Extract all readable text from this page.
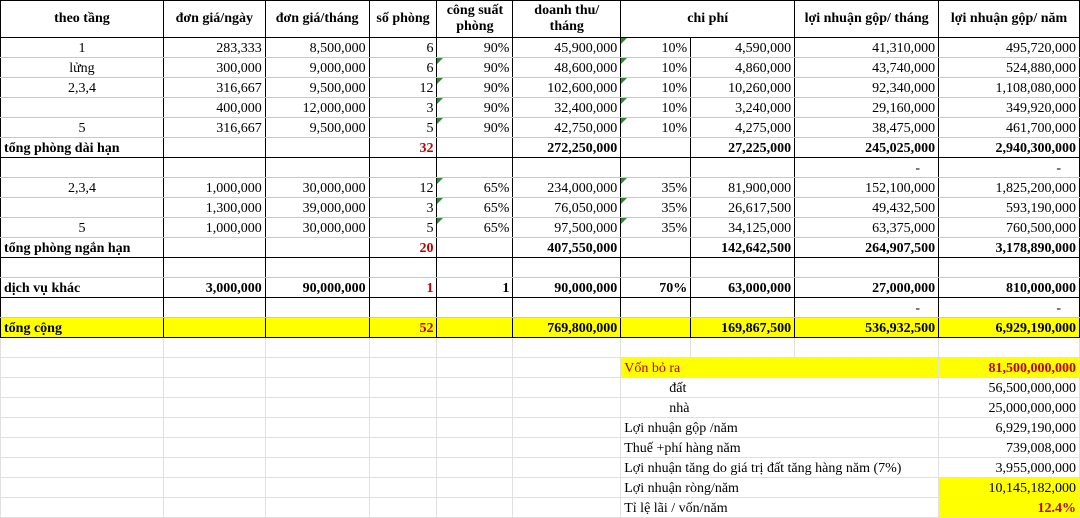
theo tầng	đơn giá/ngày	đơn giá/tháng	số phòng	công suất phòng	doanh thu/ tháng	chi phí		lợi nhuận gộp/ tháng	lợi nhuận gộp/ năm
1	283,333	8,500,000	6	90%	45,900,000	10%	4,590,000	41,310,000	495,720,000
lửng	300,000	9,000,000	6	90%	48,600,000	10%	4,860,000	43,740,000	524,880,000
2,3,4	316,667	9,500,000	12	90%	102,600,000	10%	10,260,000	92,340,000	1,108,080,000
	400,000	12,000,000	3	90%	32,400,000	10%	3,240,000	29,160,000	349,920,000
5	316,667	9,500,000	5	90%	42,750,000	10%	4,275,000	38,475,000	461,700,000
tổng phòng dài hạn			32		272,250,000		27,225,000	245,025,000	2,940,300,000
								-	-
2,3,4	1,000,000	30,000,000	12	65%	234,000,000	35%	81,900,000	152,100,000	1,825,200,000
	1,300,000	39,000,000	3	65%	76,050,000	35%	26,617,500	49,432,500	593,190,000
5	1,000,000	30,000,000	5	65%	97,500,000	35%	34,125,000	63,375,000	760,500,000
tổng phòng ngắn hạn			20		407,550,000		142,642,500	264,907,500	3,178,890,000

dịch vụ khác	3,000,000	90,000,000	1	1	90,000,000	70%	63,000,000	27,000,000	810,000,000
								-	-
tổng cộng			52		769,800,000		169,867,500	536,932,500	6,929,190,000

						Vốn bỏ ra			81,500,000,000
						đất			56,500,000,000
						nhà			25,000,000,000
						Lợi nhuận gộp /năm			6,929,190,000
						Thuế +phí hàng năm			739,008,000
						Lợi nhuận tăng do giá trị đất tăng hàng năm (7%)			3,955,000,000
						Lợi nhuận ròng/năm			10,145,182,000
						Tỉ lệ lãi / vốn/năm			12.4%
